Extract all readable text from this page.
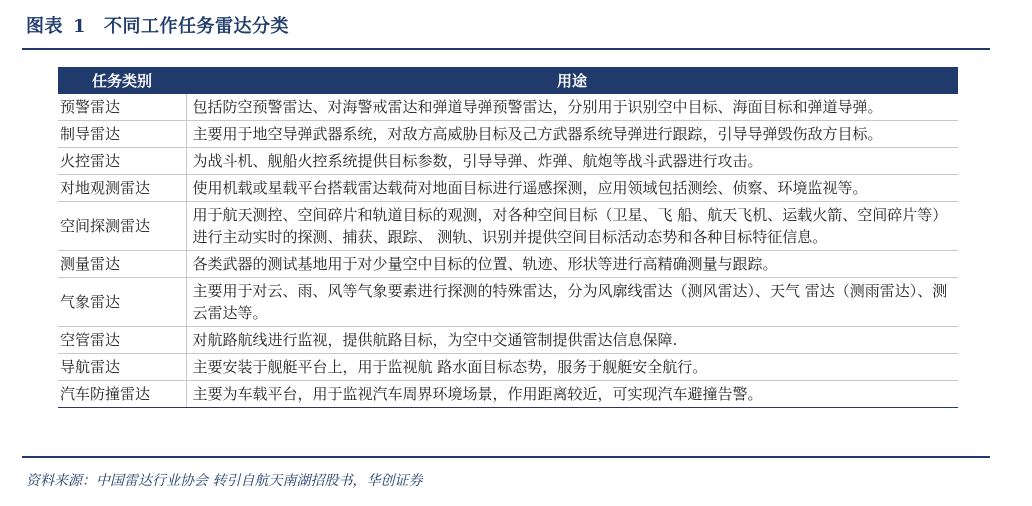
图表 1 不同工作任务雷达分类
任务类别	用途
预警雷达	包括防空预警雷达、对海警戒雷达和弹道导弹预警雷达，分别用于识别空中目标、海面目标和弹道导弹。
制导雷达	主要用于地空导弹武器系统，对敌方高威胁目标及己方武器系统导弹进行跟踪，引导导弹毁伤敌方目标。
火控雷达	为战斗机、舰船火控系统提供目标参数，引导导弹、炸弹、航炮等战斗武器进行攻击。
对地观测雷达	使用机载或星载平台搭载雷达载荷对地面目标进行遥感探测，应用领域包括测绘、侦察、环境监视等。
空间探测雷达	用于航天测控、空间碎片和轨道目标的观测，对各种空间目标（卫星、飞 船、航天飞机、运载火箭、空间碎片等）进行主动实时的探测、捕获、跟踪、 测轨、识别并提供空间目标活动态势和各种目标特征信息。
测量雷达	各类武器的测试基地用于对少量空中目标的位置、轨迹、形状等进行高精确测量与跟踪。
气象雷达	主要用于对云、雨、风等气象要素进行探测的特殊雷达，分为风廓线雷达（测风雷达）、天气 雷达（测雨雷达）、测云雷达等。
空管雷达	对航路航线进行监视，提供航路目标，为空中交通管制提供雷达信息保障.
导航雷达	主要安装于舰艇平台上，用于监视航 路水面目标态势，服务于舰艇安全航行。
汽车防撞雷达	主要为车载平台，用于监视汽车周界环境场景，作用距离较近，可实现汽车避撞告警。
资料来源：中国雷达行业协会 转引自航天南湖招股书，华创证券
